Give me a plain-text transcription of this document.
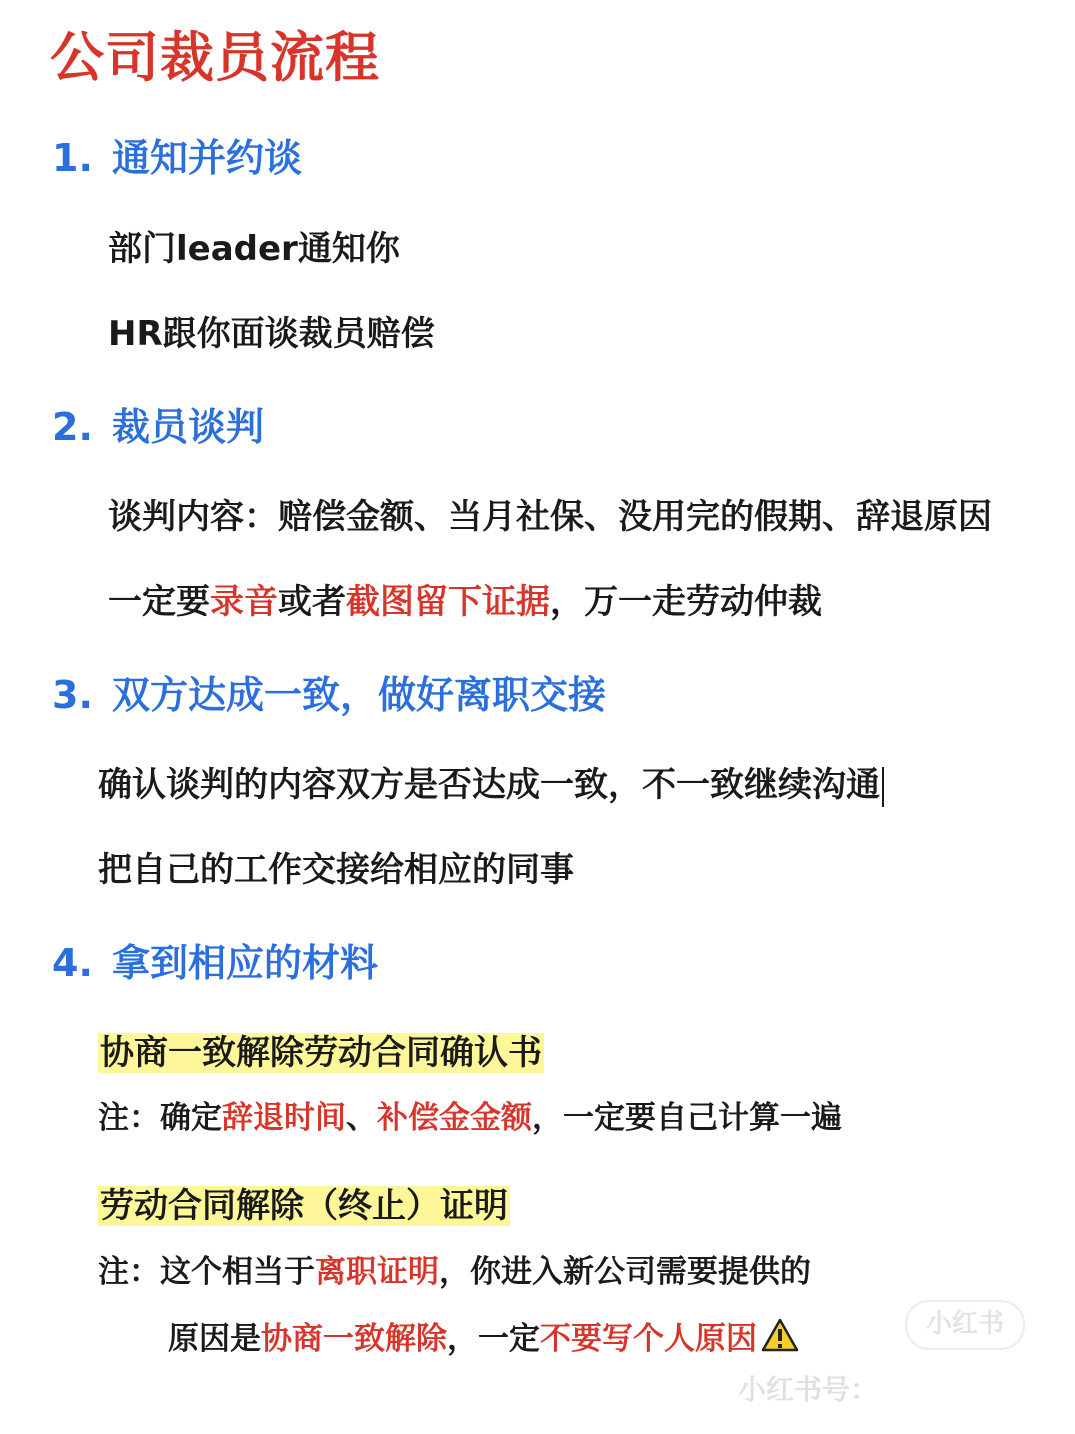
公司裁员流程
1. 通知并约谈
部门leader通知你
HR跟你面谈裁员赔偿
2. 裁员谈判
谈判内容：赔偿金额、当月社保、没用完的假期、辞退原因
一定要录音或者截图留下证据，万一走劳动仲裁
3. 双方达成一致，做好离职交接
确认谈判的内容双方是否达成一致，不一致继续沟通
把自己的工作交接给相应的同事
4. 拿到相应的材料
协商一致解除劳动合同确认书
注：确定辞退时间、补偿金金额，一定要自己计算一遍
劳动合同解除（终止）证明
注：这个相当于离职证明，你进入新公司需要提供的
原因是协商一致解除，一定不要写个人原因	小红书
小红书号：
